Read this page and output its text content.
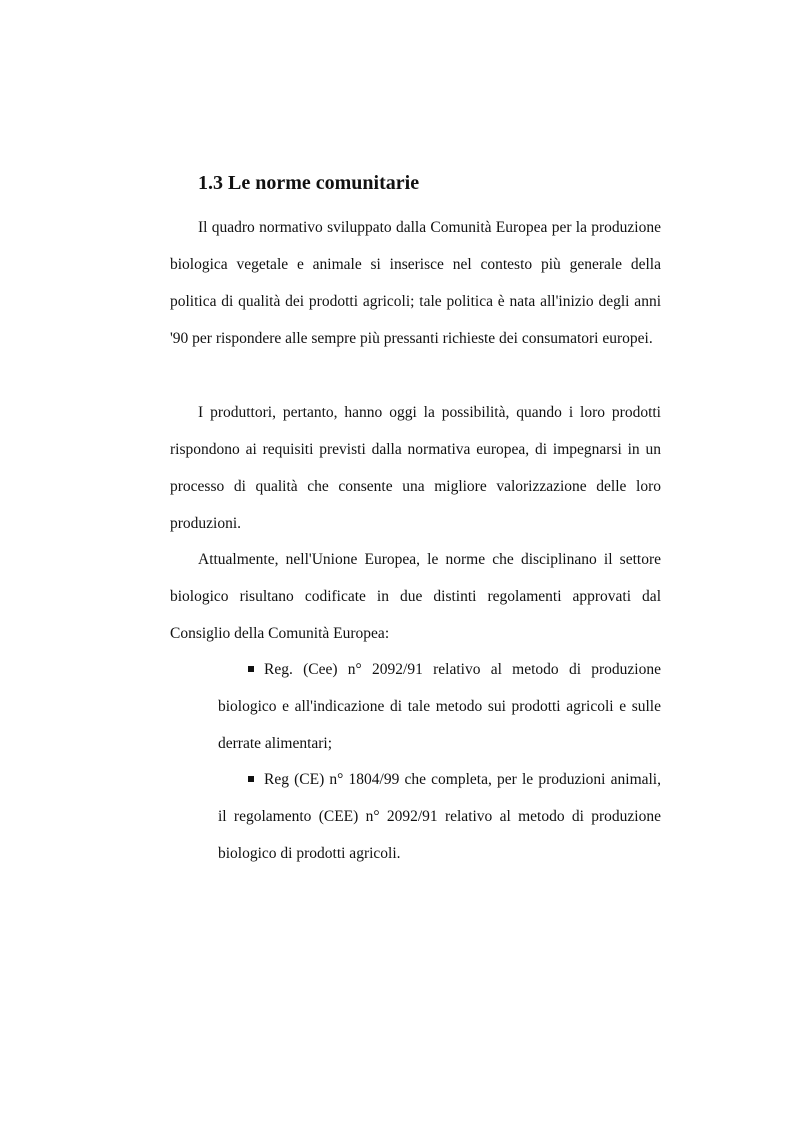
1.3 Le norme comunitarie

Il quadro normativo sviluppato dalla Comunità Europea per la produzione biologica vegetale e animale si inserisce nel contesto più generale della politica di qualità dei prodotti agricoli; tale politica è nata all'inizio degli anni '90 per rispondere alle sempre più pressanti richieste dei consumatori europei.

I produttori, pertanto, hanno oggi la possibilità, quando i loro prodotti rispondono ai requisiti previsti dalla normativa europea, di impegnarsi in un processo di qualità che consente una migliore valorizzazione delle loro produzioni.

Attualmente, nell'Unione Europea, le norme che disciplinano il settore biologico risultano codificate in due distinti regolamenti approvati dal Consiglio della Comunità Europea:

Reg. (Cee) n° 2092/91 relativo al metodo di produzione biologico e all'indicazione di tale metodo sui prodotti agricoli e sulle derrate alimentari;

Reg (CE) n° 1804/99 che completa, per le produzioni animali, il regolamento (CEE) n° 2092/91 relativo al metodo di produzione biologico di prodotti agricoli.
